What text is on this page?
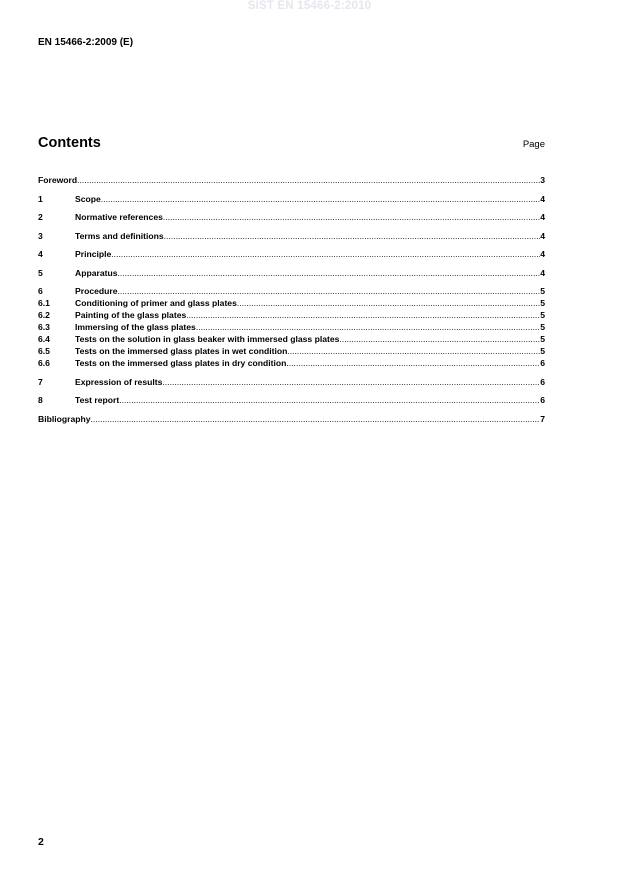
SIST EN 15466-2:2010
EN 15466-2:2009 (E)
Contents	Page
Foreword .....	3
1	Scope .....	4
2	Normative references .....	4
3	Terms and definitions .....	4
4	Principle .....	4
5	Apparatus .....	4
6	Procedure .....	5
6.1	Conditioning of primer and glass plates .....	5
6.2	Painting of the glass plates .....	5
6.3	Immersing of the glass plates .....	5
6.4	Tests on the solution in glass beaker with immersed glass plates .....	5
6.5	Tests on the immersed glass plates in wet condition .....	5
6.6	Tests on the immersed glass plates in dry condition .....	6
7	Expression of results .....	6
8	Test report .....	6
Bibliography .....	7
2
